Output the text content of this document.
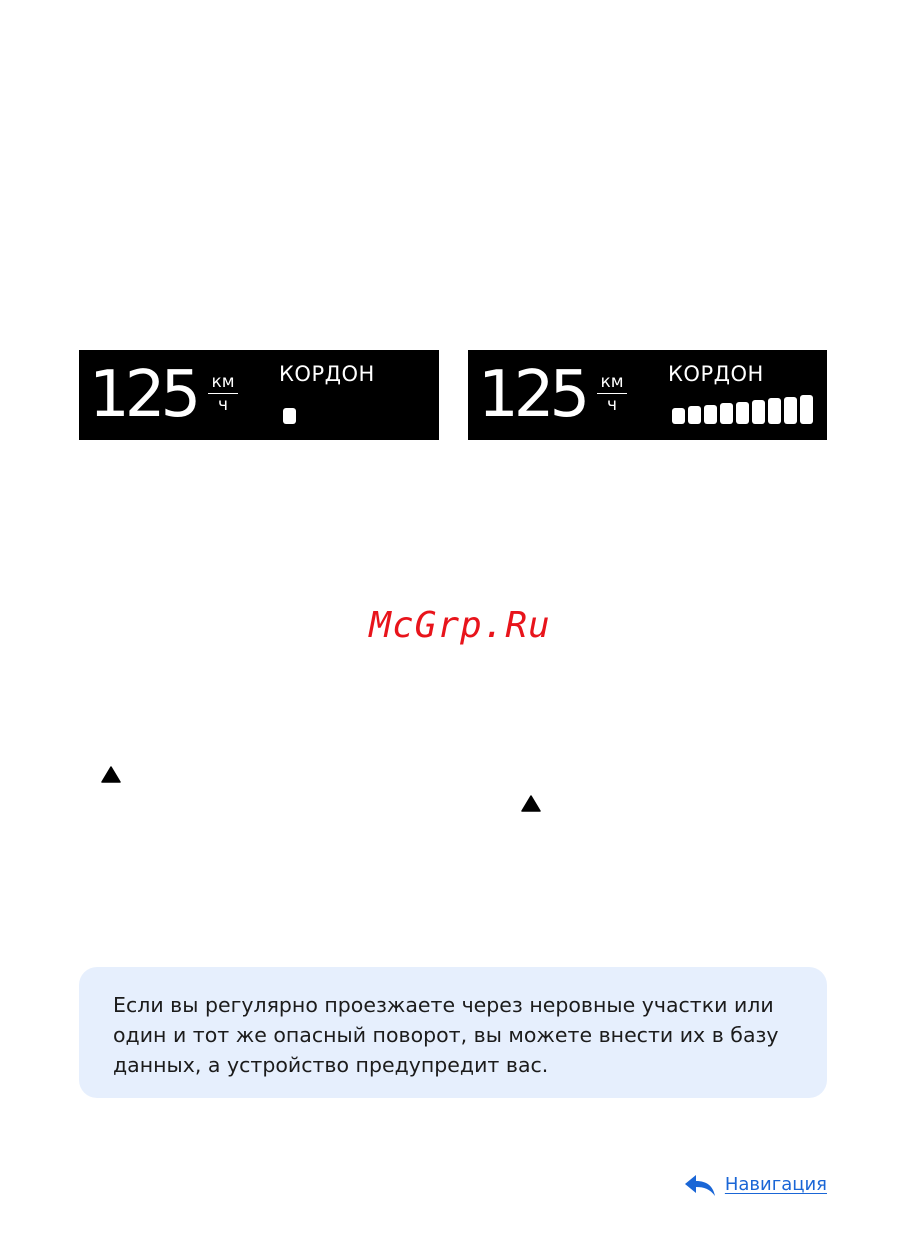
125 км
ч
КОРДОН 125 км
ч
КОРДОН
McGrp.Ru
Если вы регулярно проезжаете через неровные участки или один и тот же опасный поворот, вы можете внести их в базу данных, а устройство предупредит вас.
Навигация
